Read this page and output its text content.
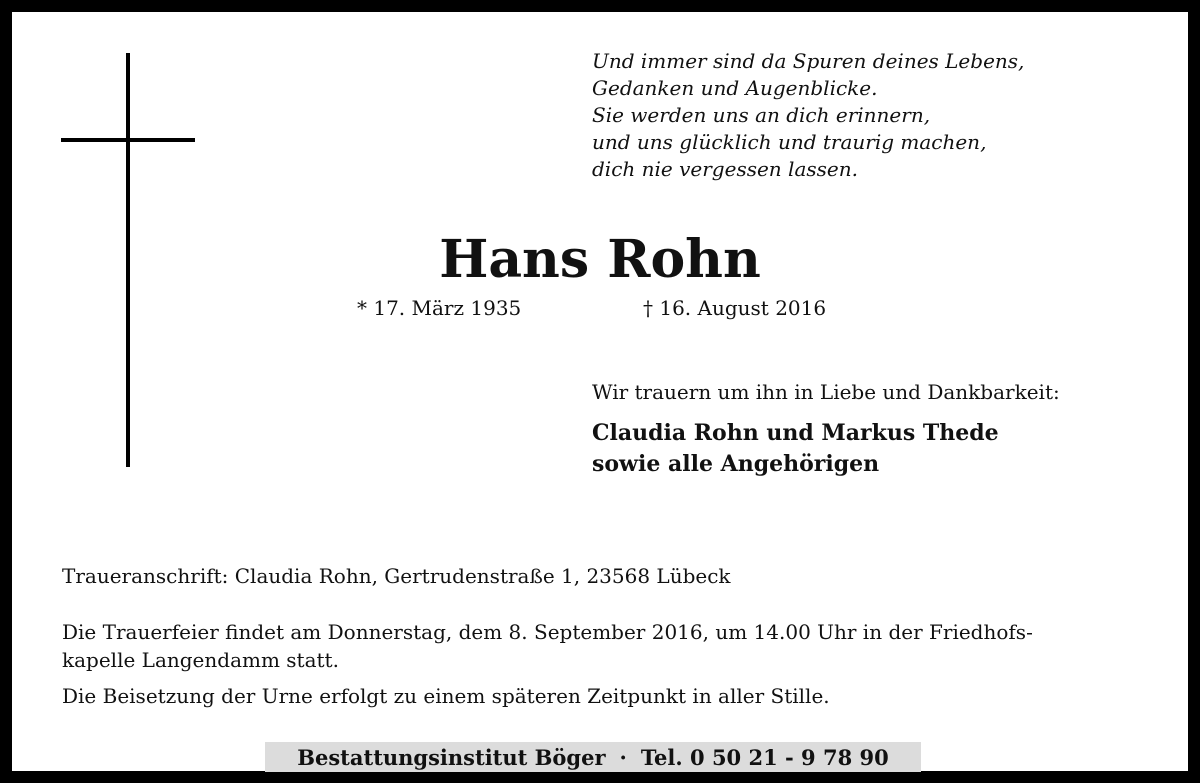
Und immer sind da Spuren deines Lebens,
Gedanken und Augenblicke.
Sie werden uns an dich erinnern,
und uns glücklich und traurig machen,
dich nie vergessen lassen.
Hans Rohn
* 17. März 1935	† 16. August 2016
Wir trauern um ihn in Liebe und Dankbarkeit:
Claudia Rohn und Markus Thede
sowie alle Angehörigen
Traueranschrift: Claudia Rohn, Gertrudenstraße 1, 23568 Lübeck
Die Trauerfeier findet am Donnerstag, dem 8. September 2016, um 14.00 Uhr in der Friedhofs-
kapelle Langendamm statt.
Die Beisetzung der Urne erfolgt zu einem späteren Zeitpunkt in aller Stille.
Bestattungsinstitut Böger · Tel. 0 50 21 - 9 78 90
